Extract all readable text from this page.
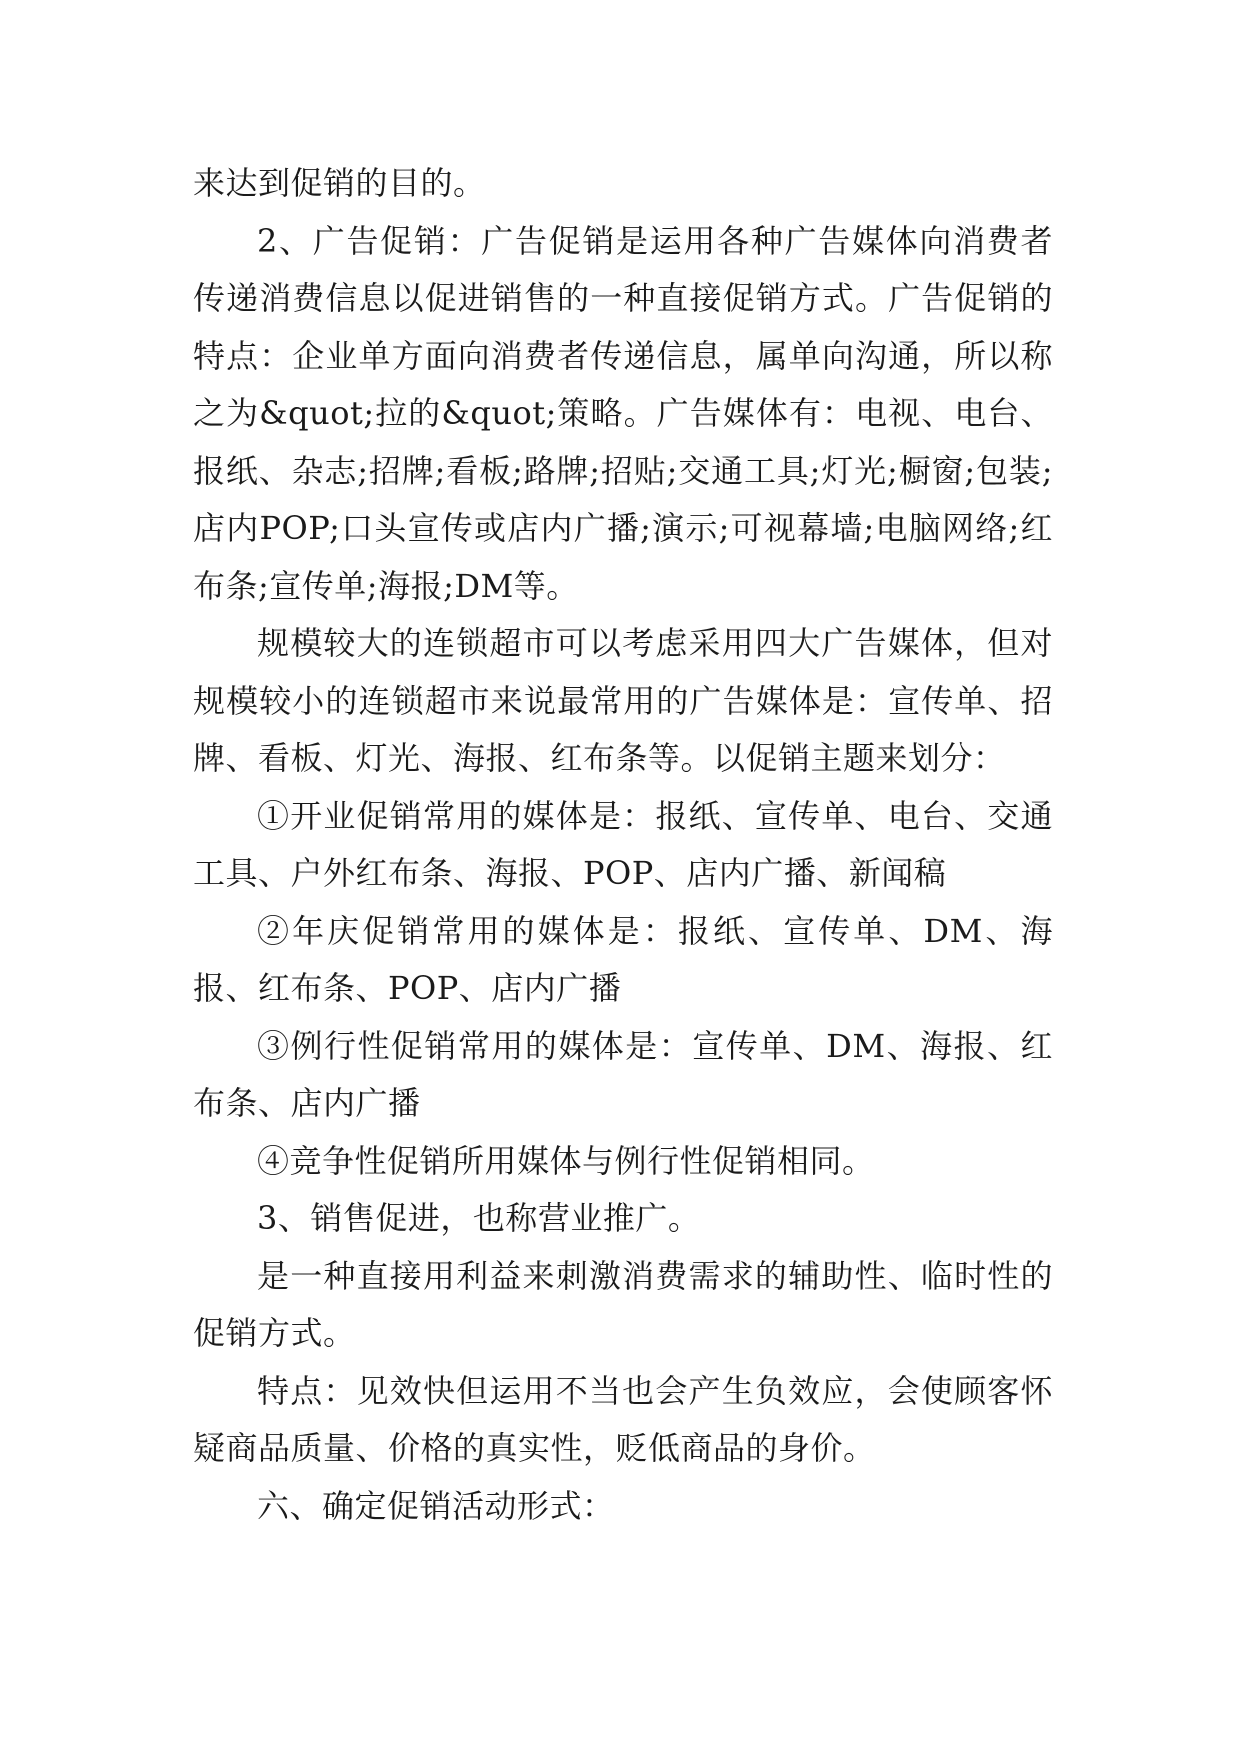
来达到促销的目的。

2、广告促销：广告促销是运用各种广告媒体向消费者传递消费信息以促进销售的一种直接促销方式。广告促销的特点：企业单方面向消费者传递信息，属单向沟通，所以称之为&quot;拉的&quot;策略。广告媒体有：电视、电台、报纸、杂志;招牌;看板;路牌;招贴;交通工具;灯光;橱窗;包装;店内POP;口头宣传或店内广播;演示;可视幕墙;电脑网络;红布条;宣传单;海报;DM等。

规模较大的连锁超市可以考虑采用四大广告媒体，但对规模较小的连锁超市来说最常用的广告媒体是：宣传单、招牌、看板、灯光、海报、红布条等。以促销主题来划分：

①开业促销常用的媒体是：报纸、宣传单、电台、交通工具、户外红布条、海报、POP、店内广播、新闻稿

②年庆促销常用的媒体是：报纸、宣传单、DM、海报、红布条、POP、店内广播

③例行性促销常用的媒体是：宣传单、DM、海报、红布条、店内广播

④竞争性促销所用媒体与例行性促销相同。

3、销售促进，也称营业推广。

是一种直接用利益来刺激消费需求的辅助性、临时性的促销方式。

特点：见效快但运用不当也会产生负效应，会使顾客怀疑商品质量、价格的真实性，贬低商品的身价。

六、确定促销活动形式：
